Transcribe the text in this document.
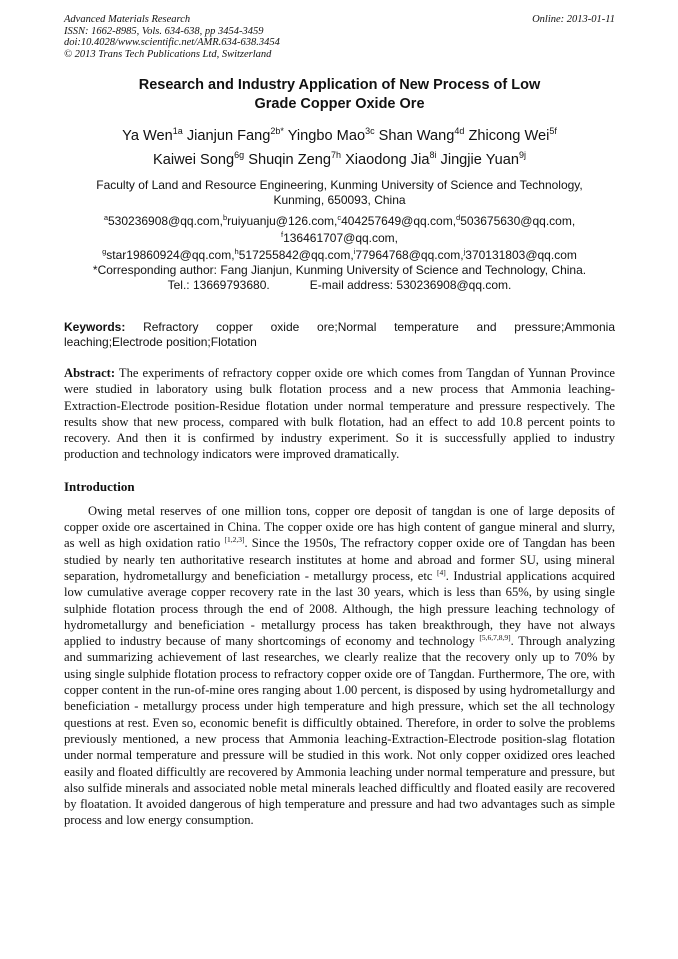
Advanced Materials Research
ISSN: 1662-8985, Vols. 634-638, pp 3454-3459
doi:10.4028/www.scientific.net/AMR.634-638.3454
© 2013 Trans Tech Publications Ltd, Switzerland
Online: 2013-01-11
Research and Industry Application of New Process of Low
Grade Copper Oxide Ore
Ya Wen$^{1a}$ Jianjun Fang$^{2b*}$ Yingbo Mao$^{3c}$ Shan Wang$^{4d}$ Zhicong Wei$^{5f}$
Kaiwei Song$^{6g}$ Shuqin Zeng$^{7h}$ Xiaodong Jia$^{8i}$ Jingjie Yuan$^{9j}$
Faculty of Land and Resource Engineering, Kunming University of Science and Technology,
Kunming, 650093, China
$^a$530236908@qq.com,$^b$ruiyuanju@126.com,$^c$404257649@qq.com,$^d$503675630@qq.com,
$^f$136461707@qq.com,
$^g$star19860924@qq.com,$^h$517255842@qq.com,$^i$77964768@qq.com,$^j$370131803@qq.com
*Corresponding author: Fang Jianjun, Kunming University of Science and Technology, China.
Tel.: 13669793680.	E-mail address: 530236908@qq.com.
Keywords: Refractory copper oxide ore;Normal temperature and pressure;Ammonia leaching;Electrode position;Flotation
Abstract: The experiments of refractory copper oxide ore which comes from Tangdan of Yunnan Province were studied in laboratory using bulk flotation process and a new process that Ammonia leaching-Extraction-Electrode position-Residue flotation under normal temperature and pressure respectively. The results show that new process, compared with bulk flotation, had an effect to add 10.8 percent points to recovery. And then it is confirmed by industry experiment. So it is successfully applied to industry production and technology indicators were improved dramatically.
Introduction
Owing metal reserves of one million tons, copper ore deposit of tangdan is one of large deposits of copper oxide ore ascertained in China. The copper oxide ore has high content of gangue mineral and slurry, as well as high oxidation ratio [1,2,3]. Since the 1950s, The refractory copper oxide ore of Tangdan has been studied by nearly ten authoritative research institutes at home and abroad and former SU, using mineral separation, hydrometallurgy and beneficiation - metallurgy process, etc [4]. Industrial applications acquired low cumulative average copper recovery rate in the last 30 years, which is less than 65%, by using single sulphide flotation process through the end of 2008. Although, the high pressure leaching technology of hydrometallurgy and beneficiation - metallurgy process has taken breakthrough, they have not always applied to industry because of many shortcomings of economy and technology [5,6,7,8,9]. Through analyzing and summarizing achievement of last researches, we clearly realize that the recovery only up to 70% by using single sulphide flotation process to refractory copper oxide ore of Tangdan. Furthermore, The ore, with copper content in the run-of-mine ores ranging about 1.00 percent, is disposed by using hydrometallurgy and beneficiation - metallurgy process under high temperature and high pressure, which set the all technology questions at rest. Even so, economic benefit is difficultly obtained. Therefore, in order to solve the problems previously mentioned, a new process that Ammonia leaching-Extraction-Electrode position-slag flotation under normal temperature and pressure will be studied in this work. Not only copper oxidized ores leached easily and floated difficultly are recovered by Ammonia leaching under normal temperature and pressure, but also sulfide minerals and associated noble metal minerals leached difficultly and floated easily are recovered by floatation. It avoided dangerous of high temperature and pressure and had two advantages such as simple process and low energy consumption.
